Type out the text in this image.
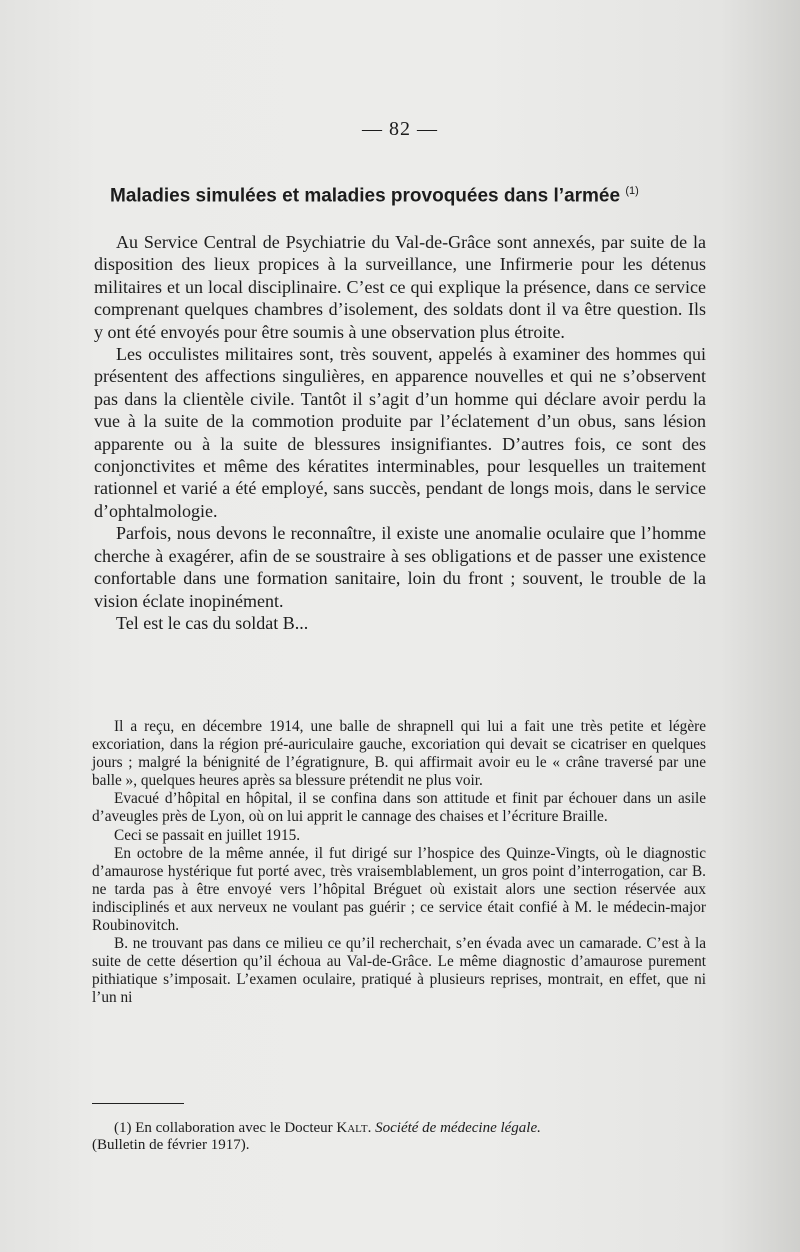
— 82 —
Maladies simulées et maladies provoquées dans l’armée $^{(1)}$

Au Service Central de Psychiatrie du Val-de-Grâce sont annexés, par suite de la disposition des lieux propices à la surveillance, une Infirmerie pour les détenus militaires et un local disciplinaire. C’est ce qui explique la présence, dans ce service comprenant quelques chambres d’isolement, des soldats dont il va être question. Ils y ont été envoyés pour être soumis à une observation plus étroite.

Les occulistes militaires sont, très souvent, appelés à examiner des hommes qui présentent des affections singulières, en apparence nouvelles et qui ne s’observent pas dans la clientèle civile. Tantôt il s’agit d’un homme qui déclare avoir perdu la vue à la suite de la commotion produite par l’éclatement d’un obus, sans lésion apparente ou à la suite de blessures insignifiantes. D’autres fois, ce sont des conjonctivites et même des kératites interminables, pour lesquelles un traitement rationnel et varié a été employé, sans succès, pendant de longs mois, dans le service d’ophtalmologie.

Parfois, nous devons le reconnaître, il existe une anomalie oculaire que l’homme cherche à exagérer, afin de se soustraire à ses obligations et de passer une existence confortable dans une formation sanitaire, loin du front ; souvent, le trouble de la vision éclate inopinément.

Tel est le cas du soldat B...

Il a reçu, en décembre 1914, une balle de shrapnell qui lui a fait une très petite et légère excoriation, dans la région pré-auriculaire gauche, excoriation qui devait se cicatriser en quelques jours ; malgré la bénignité de l’égratignure, B. qui affirmait avoir eu le « crâne traversé par une balle », quelques heures après sa blessure prétendit ne plus voir.

Evacué d’hôpital en hôpital, il se confina dans son attitude et finit par échouer dans un asile d’aveugles près de Lyon, où on lui apprit le cannage des chaises et l’écriture Braille.

Ceci se passait en juillet 1915.

En octobre de la même année, il fut dirigé sur l’hospice des Quinze-Vingts, où le diagnostic d’amaurose hystérique fut porté avec, très vraisemblablement, un gros point d’interrogation, car B. ne tarda pas à être envoyé vers l’hôpital Bréguet où existait alors une section réservée aux indisciplinés et aux nerveux ne voulant pas guérir ; ce service était confié à M. le médecin-major Roubinovitch.

B. ne trouvant pas dans ce milieu ce qu’il recherchait, s’en évada avec un camarade. C’est à la suite de cette désertion qu’il échoua au Val-de-Grâce. Le même diagnostic d’amaurose purement pithiatique s’imposait. L’examen oculaire, pratiqué à plusieurs reprises, montrait, en effet, que ni l’un ni

(1) En collaboration avec le Docteur Kalt. Société de médecine légale.
(Bulletin de février 1917).
